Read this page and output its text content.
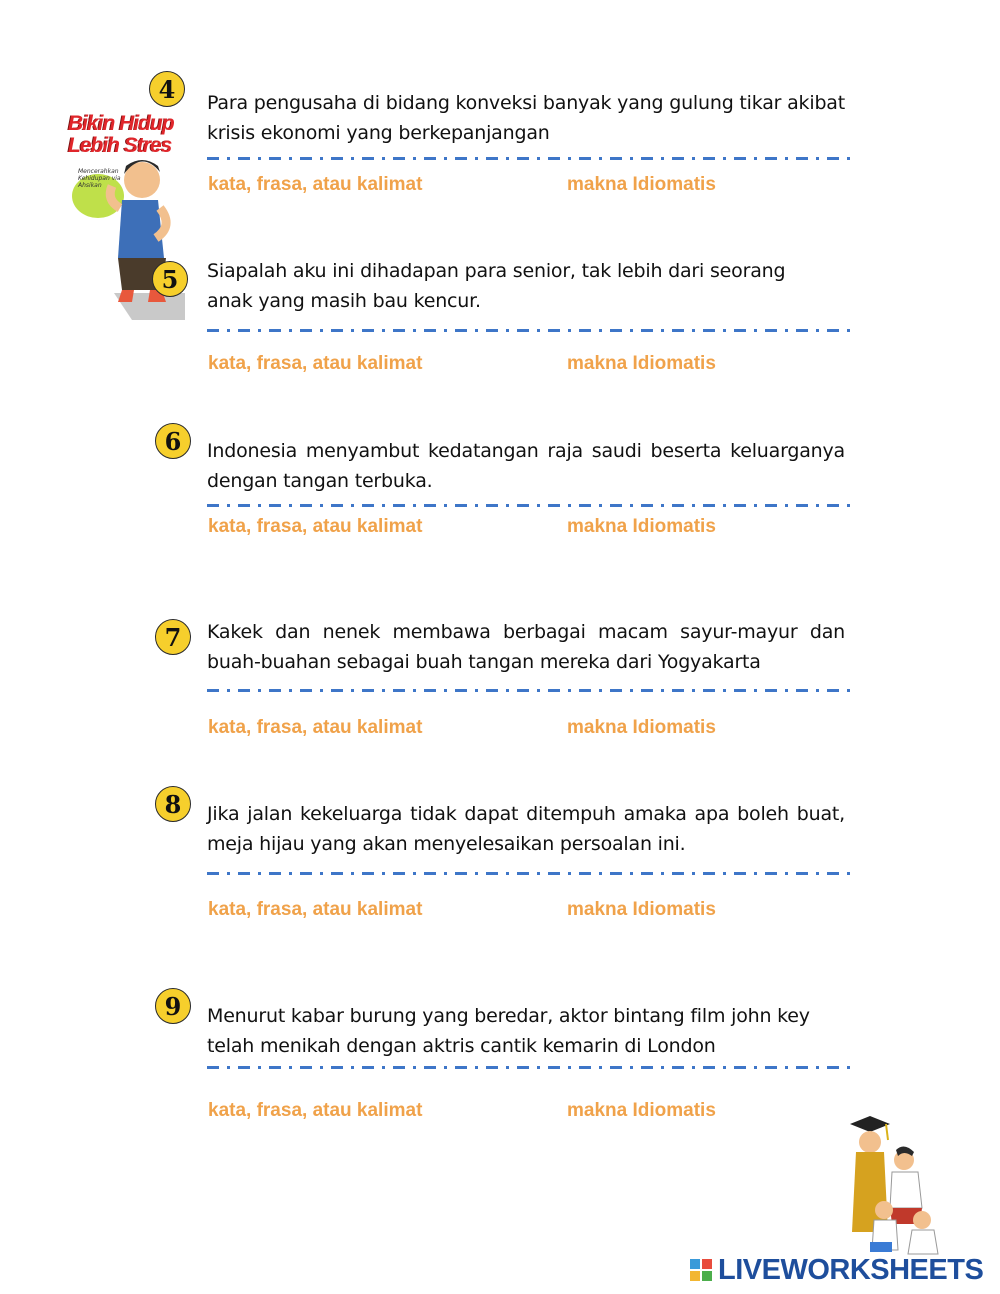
Bikin Hidup
Lebih Stres
Mencerahkan Kehidupan via Ahsikan
4	Para pengusaha di bidang konveksi banyak yang gulung tikar akibat krisis ekonomi yang berkepanjangan
kata, frasa, atau kalimat	makna Idiomatis
5	Siapalah aku ini dihadapan para senior, tak lebih dari seorang anak yang masih bau kencur.
kata, frasa, atau kalimat	makna Idiomatis
6	Indonesia menyambut kedatangan raja saudi beserta keluarganya dengan tangan terbuka.
kata, frasa, atau kalimat	makna Idiomatis
7	Kakek dan nenek membawa berbagai macam sayur-mayur dan buah-buahan sebagai buah tangan mereka dari Yogyakarta
kata, frasa, atau kalimat	makna Idiomatis
8	Jika jalan kekeluarga tidak dapat ditempuh amaka apa boleh buat, meja hijau yang akan menyelesaikan persoalan ini.
kata, frasa, atau kalimat	makna Idiomatis
9	Menurut kabar burung yang beredar, aktor bintang film john key telah menikah dengan aktris cantik kemarin di London
kata, frasa, atau kalimat	makna Idiomatis
LIVEWORKSHEETS
